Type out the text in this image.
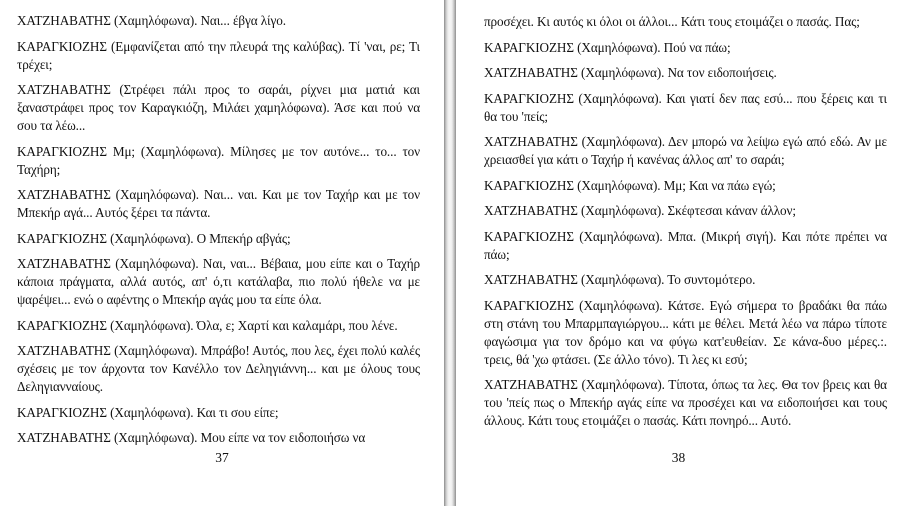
ΧΑΤΖΗΑΒΑΤΗΣ (Χαμηλόφωνα). Ναι... έβγα λίγο.

ΚΑΡΑΓΚΙΟΖΗΣ (Εμφανίζεται από την πλευρά της καλύβας). Τί 'ναι, ρε; Τι τρέχει;

ΧΑΤΖΗΑΒΑΤΗΣ (Στρέφει πάλι προς το σαράι, ρίχνει μια ματιά και ξαναστράφει προς τον Καραγκιόζη, Μιλάει χαμηλόφωνα). Άσε και πού να σου τα λέω...

ΚΑΡΑΓΚΙΟΖΗΣ Μμ; (Χαμηλόφωνα). Μίλησες με τον αυτόνε... το... τον Ταχήρη;

ΧΑΤΖΗΑΒΑΤΗΣ (Χαμηλόφωνα). Ναι... ναι. Και με τον Ταχήρ και με τον Μπεκήρ αγά... Αυτός ξέρει τα πάντα.

ΚΑΡΑΓΚΙΟΖΗΣ (Χαμηλόφωνα). Ο Μπεκήρ αβγάς;

ΧΑΤΖΗΑΒΑΤΗΣ (Χαμηλόφωνα). Ναι, ναι... Βέβαια, μου είπε και ο Ταχήρ κάποια πράγματα, αλλά αυτός, απ' ό,τι κατάλαβα, πιο πολύ ήθελε να με ψαρέψει... ενώ ο αφέντης ο Μπεκήρ αγάς μου τα είπε όλα.

ΚΑΡΑΓΚΙΟΖΗΣ (Χαμηλόφωνα). Όλα, ε; Χαρτί και καλαμάρι, που λένε.

ΧΑΤΖΗΑΒΑΤΗΣ (Χαμηλόφωνα). Μπράβο! Αυτός, που λες, έχει πολύ καλές σχέσεις με τον άρχοντα τον Κανέλλο τον Δεληγιάννη... και με όλους τους Δεληγιανναίους.

ΚΑΡΑΓΚΙΟΖΗΣ (Χαμηλόφωνα). Και τι σου είπε;

ΧΑΤΖΗΑΒΑΤΗΣ (Χαμηλόφωνα). Μου είπε να τον ειδοποιήσω να

37

προσέχει. Κι αυτός κι όλοι οι άλλοι... Κάτι τους ετοιμάζει ο πασάς. Πας;

ΚΑΡΑΓΚΙΟΖΗΣ (Χαμηλόφωνα). Πού να πάω;

ΧΑΤΖΗΑΒΑΤΗΣ (Χαμηλόφωνα). Να τον ειδοποιήσεις.

ΚΑΡΑΓΚΙΟΖΗΣ (Χαμηλόφωνα). Και γιατί δεν πας εσύ... που ξέρεις και τι θα του 'πείς;

ΧΑΤΖΗΑΒΑΤΗΣ (Χαμηλόφωνα). Δεν μπορώ να λείψω εγώ από εδώ. Αν με χρειασθεί για κάτι ο Ταχήρ ή κανένας άλλος απ' το σαράι;

ΚΑΡΑΓΚΙΟΖΗΣ (Χαμηλόφωνα). Μμ; Και να πάω εγώ;

ΧΑΤΖΗΑΒΑΤΗΣ (Χαμηλόφωνα). Σκέφτεσαι κάναν άλλον;

ΚΑΡΑΓΚΙΟΖΗΣ (Χαμηλόφωνα). Μπα. (Μικρή σιγή). Και πότε πρέπει να πάω;

ΧΑΤΖΗΑΒΑΤΗΣ (Χαμηλόφωνα). Το συντομότερο.

ΚΑΡΑΓΚΙΟΖΗΣ (Χαμηλόφωνα). Κάτσε. Εγώ σήμερα το βραδάκι θα πάω στη στάνη του Μπαρμπαγιώργου... κάτι με θέλει. Μετά λέω να πάρω τίποτε φαγώσιμα για τον δρόμο και να φύγω κατ'ευθείαν. Σε κάνα-δυο μέρες.:. τρεις, θά 'χω φτάσει. (Σε άλλο τόνο). Τι λες κι εσύ;

ΧΑΤΖΗΑΒΑΤΗΣ (Χαμηλόφωνα). Τίποτα, όπως τα λες. Θα τον βρεις και θα του 'πείς πως ο Μπεκήρ αγάς είπε να προσέχει και να ειδοποιήσει και τους άλλους. Κάτι τους ετοιμάζει ο πασάς. Κάτι πονηρό... Αυτό.

38
